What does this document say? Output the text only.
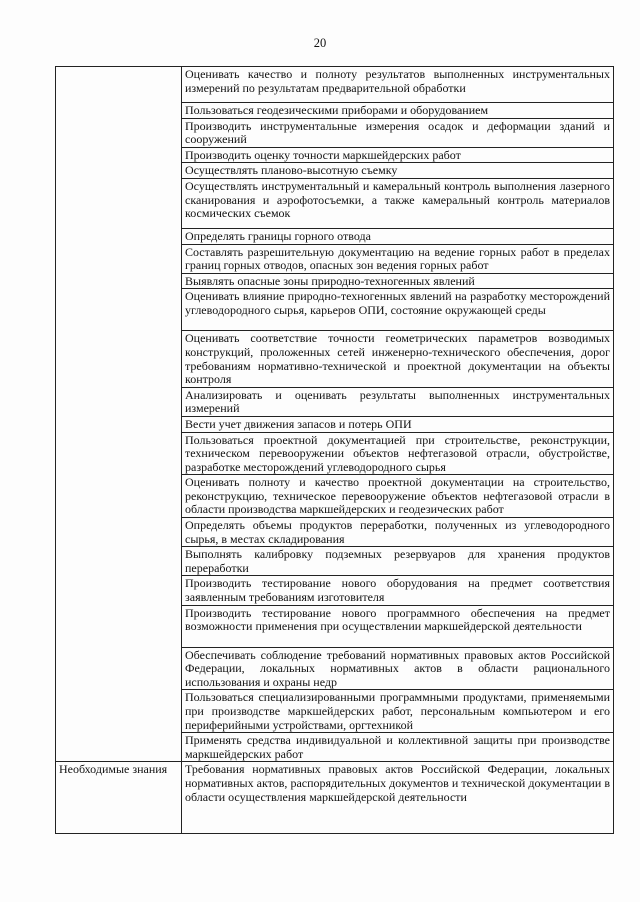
20

	Оценивать качество и полноту результатов выполненных инструментальных измерений по результатам предварительной обработки

	Пользоваться геодезическими приборами и оборудованием

	Производить инструментальные измерения осадок и деформации зданий и сооружений

	Производить оценку точности маркшейдерских работ

	Осуществлять планово-высотную съемку

	Осуществлять инструментальный и камеральный контроль выполнения лазерного сканирования и аэрофотосъемки, а также камеральный контроль материалов космических съемок

	Определять границы горного отвода

	Составлять разрешительную документацию на ведение горных работ в пределах границ горных отводов, опасных зон ведения горных работ

	Выявлять опасные зоны природно-техногенных явлений

	Оценивать влияние природно-техногенных явлений на разработку месторождений углеводородного сырья, карьеров ОПИ, состояние окружающей среды

	Оценивать соответствие точности геометрических параметров возводимых конструкций, проложенных сетей инженерно-технического обеспечения, дорог требованиям нормативно-технической и проектной документации на объекты контроля

	Анализировать и оценивать результаты выполненных инструментальных измерений

	Вести учет движения запасов и потерь ОПИ

	Пользоваться проектной документацией при строительстве, реконструкции, техническом перевооружении объектов нефтегазовой отрасли, обустройстве, разработке месторождений углеводородного сырья

	Оценивать полноту и качество проектной документации на строительство, реконструкцию, техническое перевооружение объектов нефтегазовой отрасли в области производства маркшейдерских и геодезических работ

	Определять объемы продуктов переработки, полученных из углеводородного сырья, в местах складирования

	Выполнять калибровку подземных резервуаров для хранения продуктов переработки

	Производить тестирование нового оборудования на предмет соответствия заявленным требованиям изготовителя

	Производить тестирование нового программного обеспечения на предмет возможности применения при осуществлении маркшейдерской деятельности

	Обеспечивать соблюдение требований нормативных правовых актов Российской Федерации, локальных нормативных актов в области рационального использования и охраны недр

	Пользоваться специализированными программными продуктами, применяемыми при производстве маркшейдерских работ, персональным компьютером и его периферийными устройствами, оргтехникой

	Применять средства индивидуальной и коллективной защиты при производстве маркшейдерских работ

Необходимые знания	Требования нормативных правовых актов Российской Федерации, локальных нормативных актов, распорядительных документов и технической документации в области осуществления маркшейдерской деятельности
